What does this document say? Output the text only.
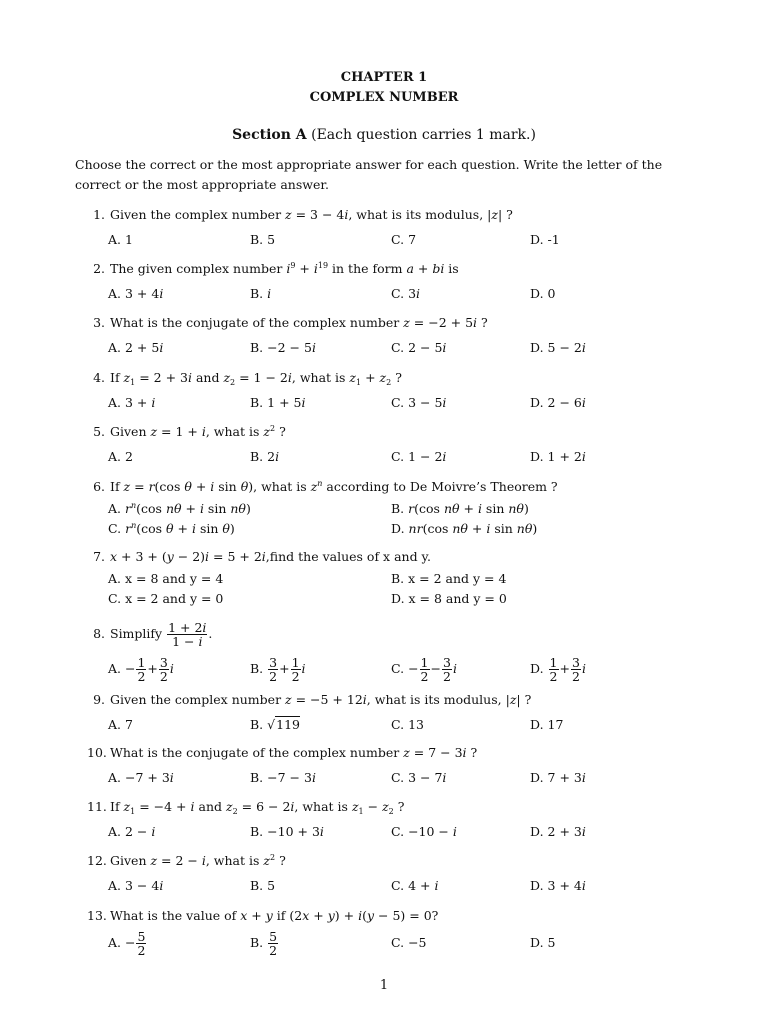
CHAPTER 1
COMPLEX NUMBER
Section A (Each question carries 1 mark.)
Choose the correct or the most appropriate answer for each question. Write the letter of the correct or the most appropriate answer.
1. Given the complex number z = 3 − 4i, what is its modulus, |z| ?
A. 1	B. 5	C. 7	D. -1
2. The given complex number $i^9 + i^{19}$ in the form a + bi is
A. 3 + 4i	B. i	C. 3i	D. 0
3. What is the conjugate of the complex number z = −2 + 5i ?
A. 2 + 5i	B. −2 − 5i	C. 2 − 5i	D. 5 − 2i
4. If $z_1 = 2 + 3i$ and $z_2 = 1 - 2i$, what is $z_1 + z_2$ ?
A. 3 + i	B. 1 + 5i	C. 3 − 5i	D. 2 − 6i
5. Given z = 1 + i, what is $z^2$ ?
A. 2	B. 2i	C. 1 − 2i	D. 1 + 2i
6. If z = r(cos θ + i sin θ), what is $z^n$ according to De Moivre’s Theorem ?
A. $r^n(\cos$ nθ + i sin nθ)	B. r(cos nθ + i sin nθ)
C. $r^n(\cos$ θ + i sin θ)	D. nr(cos nθ + i sin nθ)
7. x + 3 + (y − 2)i = 5 + 2i,find the values of x and y.
A. x = 8 and y = 4	B. x = 2 and y = 4
C. x = 2 and y = 0	D. x = 8 and y = 0
8. Simplify $\frac{1 + 2i}{1 - i}$ .
A. − $\frac{1}{2} + \frac{3}{2}$ i	B. $\frac{3}{2} + \frac{1}{2}$ i	C. − $\frac{1}{2} - \frac{3}{2}$ i	D. $\frac{1}{2} + \frac{3}{2}$ i
9. Given the complex number z = −5 + 12i, what is its modulus, |z| ?
A. 7	B. √119	C. 13	D. 17
10. What is the conjugate of the complex number z = 7 − 3i ?
A. −7 + 3i	B. −7 − 3i	C. 3 − 7i	D. 7 + 3i
11. If $z_1 = -4 + i$ and $z_2 = 6 - 2i$, what is $z_1 - z_2$ ?
A. 2 − i	B. −10 + 3i	C. −10 − i	D. 2 + 3i
12. Given z = 2 − i, what is $z^2$ ?
A. 3 − 4i	B. 5	C. 4 + i	D. 3 + 4i
13. What is the value of x + y if (2x + y) + i(y − 5) = 0?
A. − $\frac{5}{2}$	B. $\frac{5}{2}$	C. −5	D. 5
1
